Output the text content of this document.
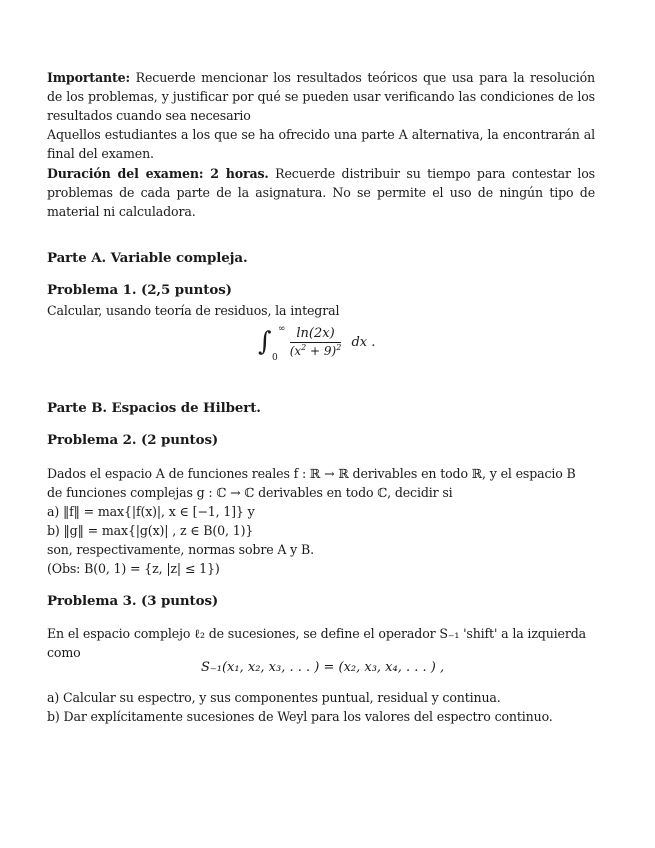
Importante: Recuerde mencionar los resultados teóricos que usa para la resolución de los problemas, y justificar por qué se pueden usar verificando las condiciones de los resultados cuando sea necesario
Aquellos estudiantes a los que se ha ofrecido una parte A alternativa, la encontrarán al final del examen.
Duración del examen: 2 horas. Recuerde distribuir su tiempo para contestar los problemas de cada parte de la asignatura. No se permite el uso de ningún tipo de material ni calculadora.
Parte A. Variable compleja.
Problema 1. (2,5 puntos)
Calcular, usando teoría de residuos, la integral
∫ ∞
$0 \frac{\ln(2x)}{(x^2 + 9)^2}$ dx .
Parte B. Espacios de Hilbert.
Problema 2. (2 puntos)
Dados el espacio A de funciones reales f : ℝ → ℝ derivables en todo ℝ, y el espacio B
de funciones complejas g : ℂ → ℂ derivables en todo ℂ, decidir si
a) ‖f‖ = max{|f(x)|, x ∈ [−1, 1]} y
b) ‖g‖ = max{|g(x)| , z ∈ B(0, 1)}
son, respectivamente, normas sobre A y B.
(Obs: B(0, 1) = {z, |z| ≤ 1})
Problema 3. (3 puntos)
En el espacio complejo ℓ₂ de sucesiones, se define el operador S₋₁ 'shift' a la izquierda
como
S₋₁(x₁, x₂, x₃, . . . ) = (x₂, x₃, x₄, . . . ) ,
a) Calcular su espectro, y sus componentes puntual, residual y continua.
b) Dar explícitamente sucesiones de Weyl para los valores del espectro continuo.
